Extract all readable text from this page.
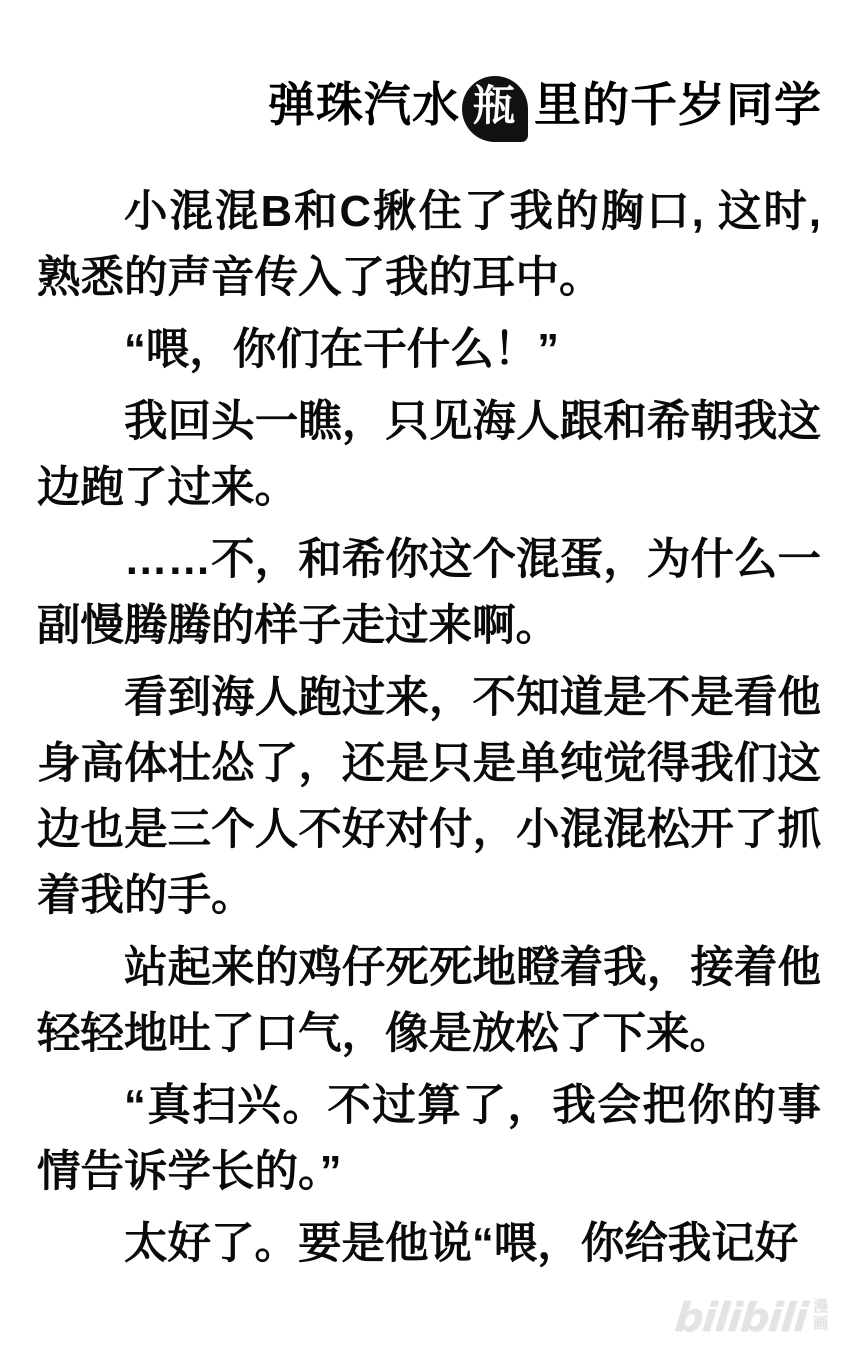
弹珠汽水 瓶 里的千岁同学

小混混B和C揪住了我的胸口, 这时, 熟悉的声音传入了我的耳中。

“喂，你们在干什么！”

我回头一瞧，只见海人跟和希朝我这边跑了过来。

……不，和希你这个混蛋，为什么一副慢腾腾的样子走过来啊。

看到海人跑过来，不知道是不是看他身高体壮怂了，还是只是单纯觉得我们这边也是三个人不好对付，小混混松开了抓着我的手。

站起来的鸡仔死死地瞪着我，接着他轻轻地吐了口气，像是放松了下来。

“真扫兴。不过算了，我会把你的事情告诉学长的。”

太好了。要是他说“喂，你给我记好

bilibili 漫画
